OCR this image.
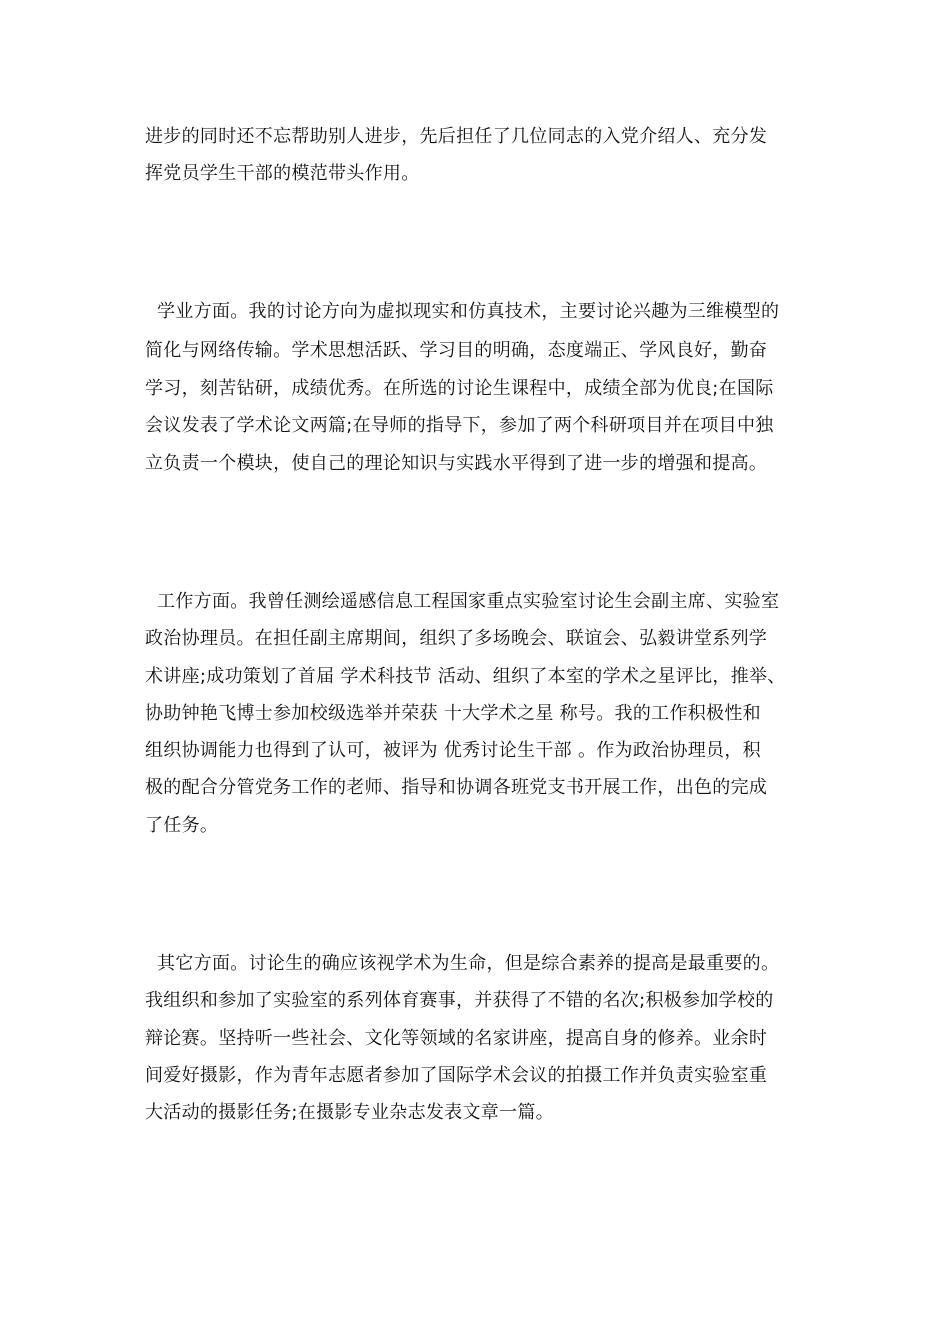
进步的同时还不忘帮助别人进步，先后担任了几位同志的入党介绍人、充分发
挥党员学生干部的模范带头作用。
学业方面。我的讨论方向为虚拟现实和仿真技术，主要讨论兴趣为三维模型的
简化与网络传输。学术思想活跃、学习目的明确，态度端正、学风良好，勤奋
学习，刻苦钻研，成绩优秀。在所选的讨论生课程中，成绩全部为优良;在国际
会议发表了学术论文两篇;在导师的指导下，参加了两个科研项目并在项目中独
立负责一个模块，使自己的理论知识与实践水平得到了进一步的增强和提高。
工作方面。我曾任测绘遥感信息工程国家重点实验室讨论生会副主席、实验室
政治协理员。在担任副主席期间，组织了多场晚会、联谊会、弘毅讲堂系列学
术讲座;成功策划了首届 学术科技节 活动、组织了本室的学术之星评比，推举、
协助钟艳飞博士参加校级选举并荣获 十大学术之星 称号。我的工作积极性和
组织协调能力也得到了认可，被评为 优秀讨论生干部 。作为政治协理员，积
极的配合分管党务工作的老师、指导和协调各班党支书开展工作，出色的完成
了任务。
其它方面。讨论生的确应该视学术为生命，但是综合素养的提高是最重要的。
我组织和参加了实验室的系列体育赛事，并获得了不错的名次;积极参加学校的
辩论赛。坚持听一些社会、文化等领域的名家讲座，提高自身的修养。业余时
间爱好摄影，作为青年志愿者参加了国际学术会议的拍摄工作并负责实验室重
大活动的摄影任务;在摄影专业杂志发表文章一篇。
